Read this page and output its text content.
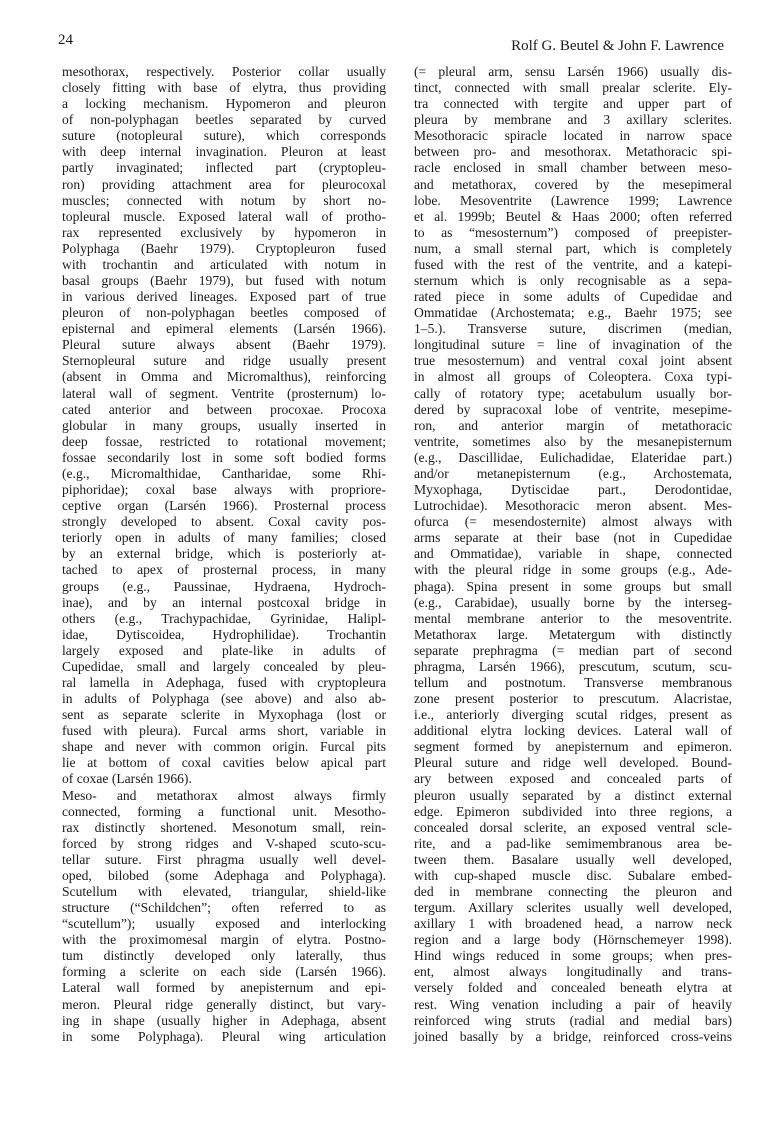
24	Rolf G. Beutel & John F. Lawrence
mesothorax, respectively. Posterior collar usually
closely fitting with base of elytra, thus providing
a locking mechanism. Hypomeron and pleuron
of non-polyphagan beetles separated by curved
suture (notopleural suture), which corresponds
with deep internal invagination. Pleuron at least
partly invaginated; inflected part (cryptopleu-
ron) providing attachment area for pleurocoxal
muscles; connected with notum by short no-
topleural muscle. Exposed lateral wall of protho-
rax represented exclusively by hypomeron in
Polyphaga (Baehr 1979). Cryptopleuron fused
with trochantin and articulated with notum in
basal groups (Baehr 1979), but fused with notum
in various derived lineages. Exposed part of true
pleuron of non-polyphagan beetles composed of
episternal and epimeral elements (Larsén 1966).
Pleural suture always absent (Baehr 1979).
Sternopleural suture and ridge usually present
(absent in Omma and Micromalthus), reinforcing
lateral wall of segment. Ventrite (prosternum) lo-
cated anterior and between procoxae. Procoxa
globular in many groups, usually inserted in
deep fossae, restricted to rotational movement;
fossae secondarily lost in some soft bodied forms
(e.g., Micromalthidae, Cantharidae, some Rhi-
piphoridae); coxal base always with propriore-
ceptive organ (Larsén 1966). Prosternal process
strongly developed to absent. Coxal cavity pos-
teriorly open in adults of many families; closed
by an external bridge, which is posteriorly at-
tached to apex of prosternal process, in many
groups (e.g., Paussinae, Hydraena, Hydroch-
inae), and by an internal postcoxal bridge in
others (e.g., Trachypachidae, Gyrinidae, Halipl-
idae, Dytiscoidea, Hydrophilidae). Trochantin
largely exposed and plate-like in adults of
Cupedidae, small and largely concealed by pleu-
ral lamella in Adephaga, fused with cryptopleura
in adults of Polyphaga (see above) and also ab-
sent as separate sclerite in Myxophaga (lost or
fused with pleura). Furcal arms short, variable in
shape and never with common origin. Furcal pits
lie at bottom of coxal cavities below apical part
of coxae (Larsén 1966).
Meso- and metathorax almost always firmly
connected, forming a functional unit. Mesotho-
rax distinctly shortened. Mesonotum small, rein-
forced by strong ridges and V-shaped scuto-scu-
tellar suture. First phragma usually well devel-
oped, bilobed (some Adephaga and Polyphaga).
Scutellum with elevated, triangular, shield-like
structure (“Schildchen”; often referred to as
“scutellum”); usually exposed and interlocking
with the proximomesal margin of elytra. Postno-
tum distinctly developed only laterally, thus
forming a sclerite on each side (Larsén 1966).
Lateral wall formed by anepisternum and epi-
meron. Pleural ridge generally distinct, but vary-
ing in shape (usually higher in Adephaga, absent
in some Polyphaga). Pleural wing articulation
(= pleural arm, sensu Larsén 1966) usually dis-
tinct, connected with small prealar sclerite. Ely-
tra connected with tergite and upper part of
pleura by membrane and 3 axillary sclerites.
Mesothoracic spiracle located in narrow space
between pro- and mesothorax. Metathoracic spi-
racle enclosed in small chamber between meso-
and metathorax, covered by the mesepimeral
lobe. Mesoventrite (Lawrence 1999; Lawrence
et al. 1999b; Beutel & Haas 2000; often referred
to as “mesosternum”) composed of preepister-
num, a small sternal part, which is completely
fused with the rest of the ventrite, and a katepi-
sternum which is only recognisable as a sepa-
rated piece in some adults of Cupedidae and
Ommatidae (Archostemata; e.g., Baehr 1975; see
1–5.). Transverse suture, discrimen (median,
longitudinal suture = line of invagination of the
true mesosternum) and ventral coxal joint absent
in almost all groups of Coleoptera. Coxa typi-
cally of rotatory type; acetabulum usually bor-
dered by supracoxal lobe of ventrite, mesepime-
ron, and anterior margin of metathoracic
ventrite, sometimes also by the mesanepisternum
(e.g., Dascillidae, Eulichadidae, Elateridae part.)
and/or metanepisternum (e.g., Archostemata,
Myxophaga, Dytiscidae part., Derodontidae,
Lutrochidae). Mesothoracic meron absent. Mes-
ofurca (= mesendosternite) almost always with
arms separate at their base (not in Cupedidae
and Ommatidae), variable in shape, connected
with the pleural ridge in some groups (e.g., Ade-
phaga). Spina present in some groups but small
(e.g., Carabidae), usually borne by the interseg-
mental membrane anterior to the mesoventrite.
Metathorax large. Metatergum with distinctly
separate prephragma (= median part of second
phragma, Larsén 1966), prescutum, scutum, scu-
tellum and postnotum. Transverse membranous
zone present posterior to prescutum. Alacristae,
i.e., anteriorly diverging scutal ridges, present as
additional elytra locking devices. Lateral wall of
segment formed by anepisternum and epimeron.
Pleural suture and ridge well developed. Bound-
ary between exposed and concealed parts of
pleuron usually separated by a distinct external
edge. Epimeron subdivided into three regions, a
concealed dorsal sclerite, an exposed ventral scle-
rite, and a pad-like semimembranous area be-
tween them. Basalare usually well developed,
with cup-shaped muscle disc. Subalare embed-
ded in membrane connecting the pleuron and
tergum. Axillary sclerites usually well developed,
axillary 1 with broadened head, a narrow neck
region and a large body (Hörnschemeyer 1998).
Hind wings reduced in some groups; when pres-
ent, almost always longitudinally and trans-
versely folded and concealed beneath elytra at
rest. Wing venation including a pair of heavily
reinforced wing struts (radial and medial bars)
joined basally by a bridge, reinforced cross-veins
